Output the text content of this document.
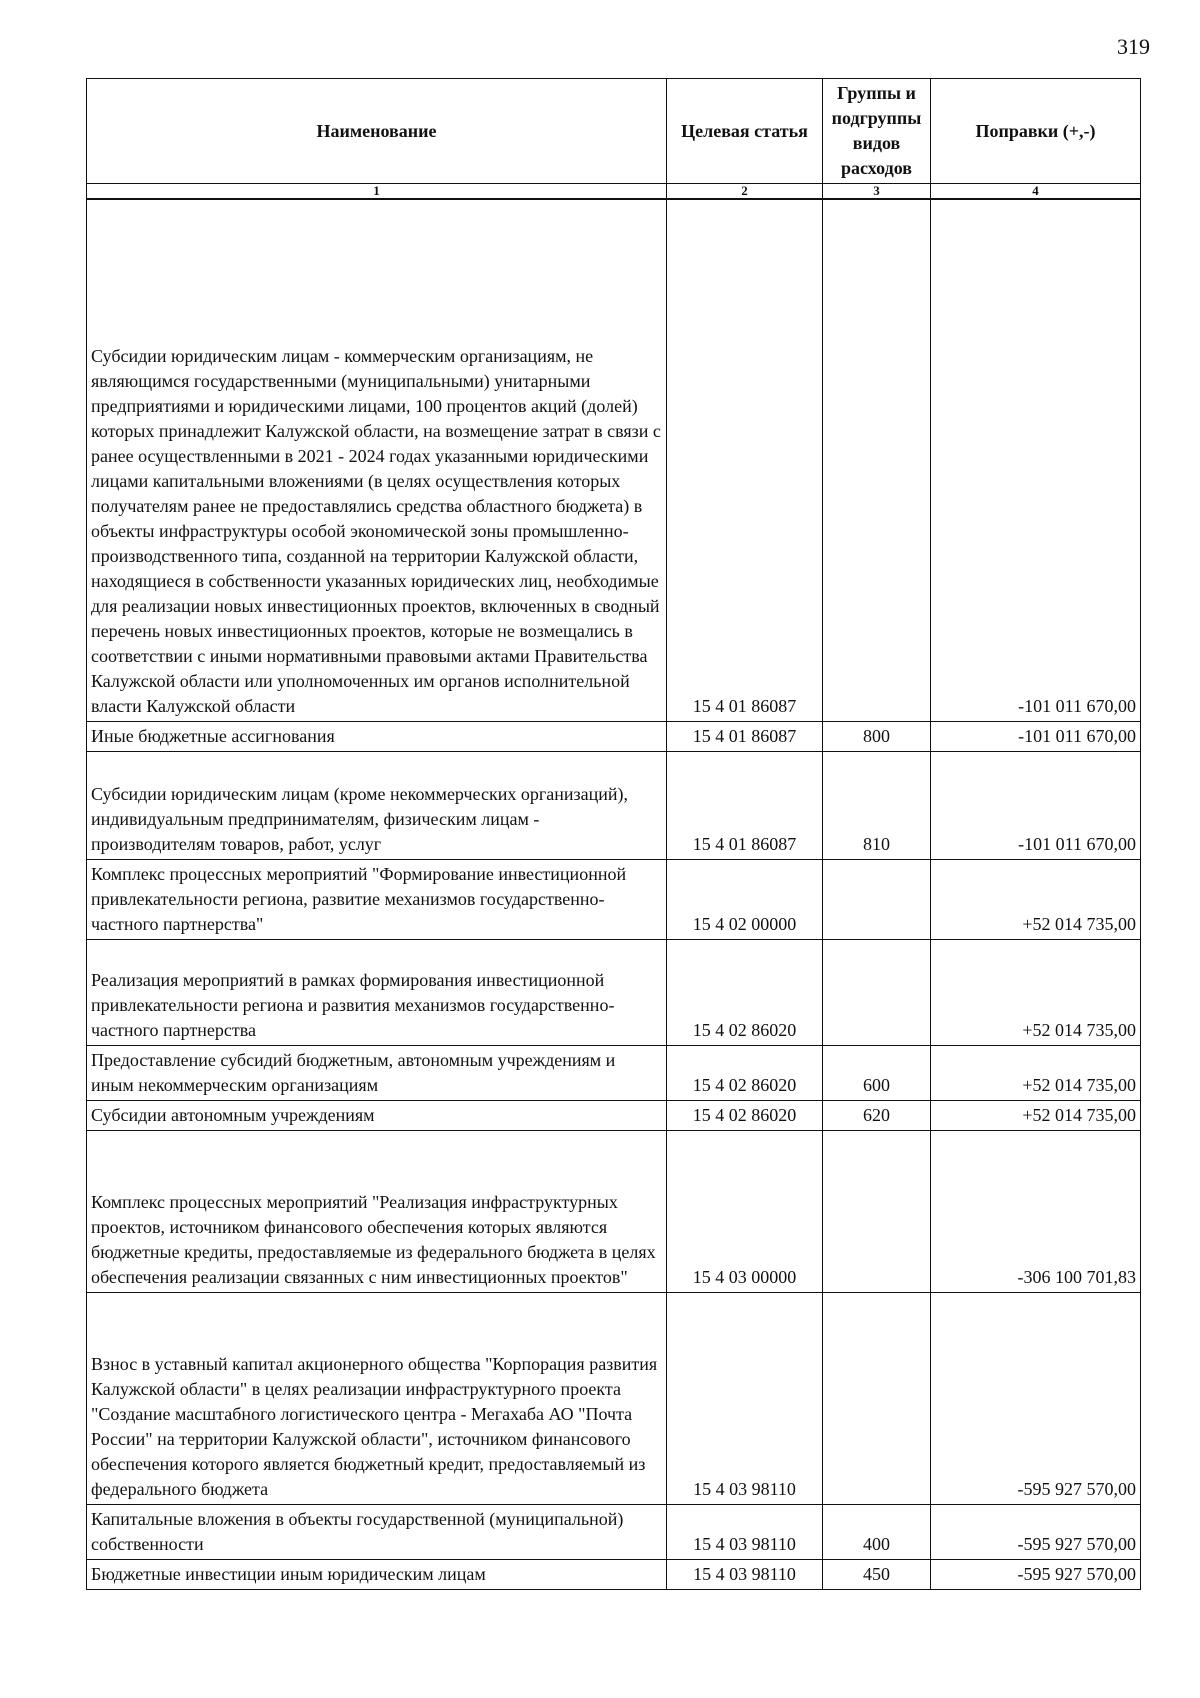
319
Наименование	Целевая статья	Группы и подгруппы видов расходов	Поправки (+,-)
1	2	3	4
Субсидии юридическим лицам - коммерческим организациям, не являющимся государственными (муниципальными) унитарными предприятиями и юридическими лицами, 100 процентов акций (долей) которых принадлежит Калужской области, на возмещение затрат в связи с ранее осуществленными в 2021 - 2024 годах указанными юридическими лицами капитальными вложениями (в целях осуществления которых получателям ранее не предоставлялись средства областного бюджета) в объекты инфраструктуры особой экономической зоны промышленно-производственного типа, созданной на территории Калужской области, находящиеся в собственности указанных юридических лиц, необходимые для реализации новых инвестиционных проектов, включенных в сводный перечень новых инвестиционных проектов, которые не возмещались в соответствии с иными нормативными правовыми актами Правительства Калужской области или уполномоченных им органов исполнительной власти Калужской области	15 4 01 86087		-101 011 670,00
Иные бюджетные ассигнования	15 4 01 86087	800	-101 011 670,00
Субсидии юридическим лицам (кроме некоммерческих организаций), индивидуальным предпринимателям, физическим лицам - производителям товаров, работ, услуг	15 4 01 86087	810	-101 011 670,00
Комплекс процессных мероприятий "Формирование инвестиционной привлекательности региона, развитие механизмов государственно-частного партнерства"	15 4 02 00000		+52 014 735,00
Реализация мероприятий в рамках формирования инвестиционной привлекательности региона и развития механизмов государственно-частного партнерства	15 4 02 86020		+52 014 735,00
Предоставление субсидий бюджетным, автономным учреждениям и иным некоммерческим организациям	15 4 02 86020	600	+52 014 735,00
Субсидии автономным учреждениям	15 4 02 86020	620	+52 014 735,00
Комплекс процессных мероприятий "Реализация инфраструктурных проектов, источником финансового обеспечения которых являются бюджетные кредиты, предоставляемые из федерального бюджета в целях обеспечения реализации связанных с ним инвестиционных проектов"	15 4 03 00000		-306 100 701,83
Взнос в уставный капитал акционерного общества "Корпорация развития Калужской области" в целях реализации инфраструктурного проекта "Создание масштабного логистического центра - Мегахаба АО "Почта России" на территории Калужской области", источником финансового обеспечения которого является бюджетный кредит, предоставляемый из федерального бюджета	15 4 03 98110		-595 927 570,00
Капитальные вложения в объекты государственной (муниципальной) собственности	15 4 03 98110	400	-595 927 570,00
Бюджетные инвестиции иным юридическим лицам	15 4 03 98110	450	-595 927 570,00
